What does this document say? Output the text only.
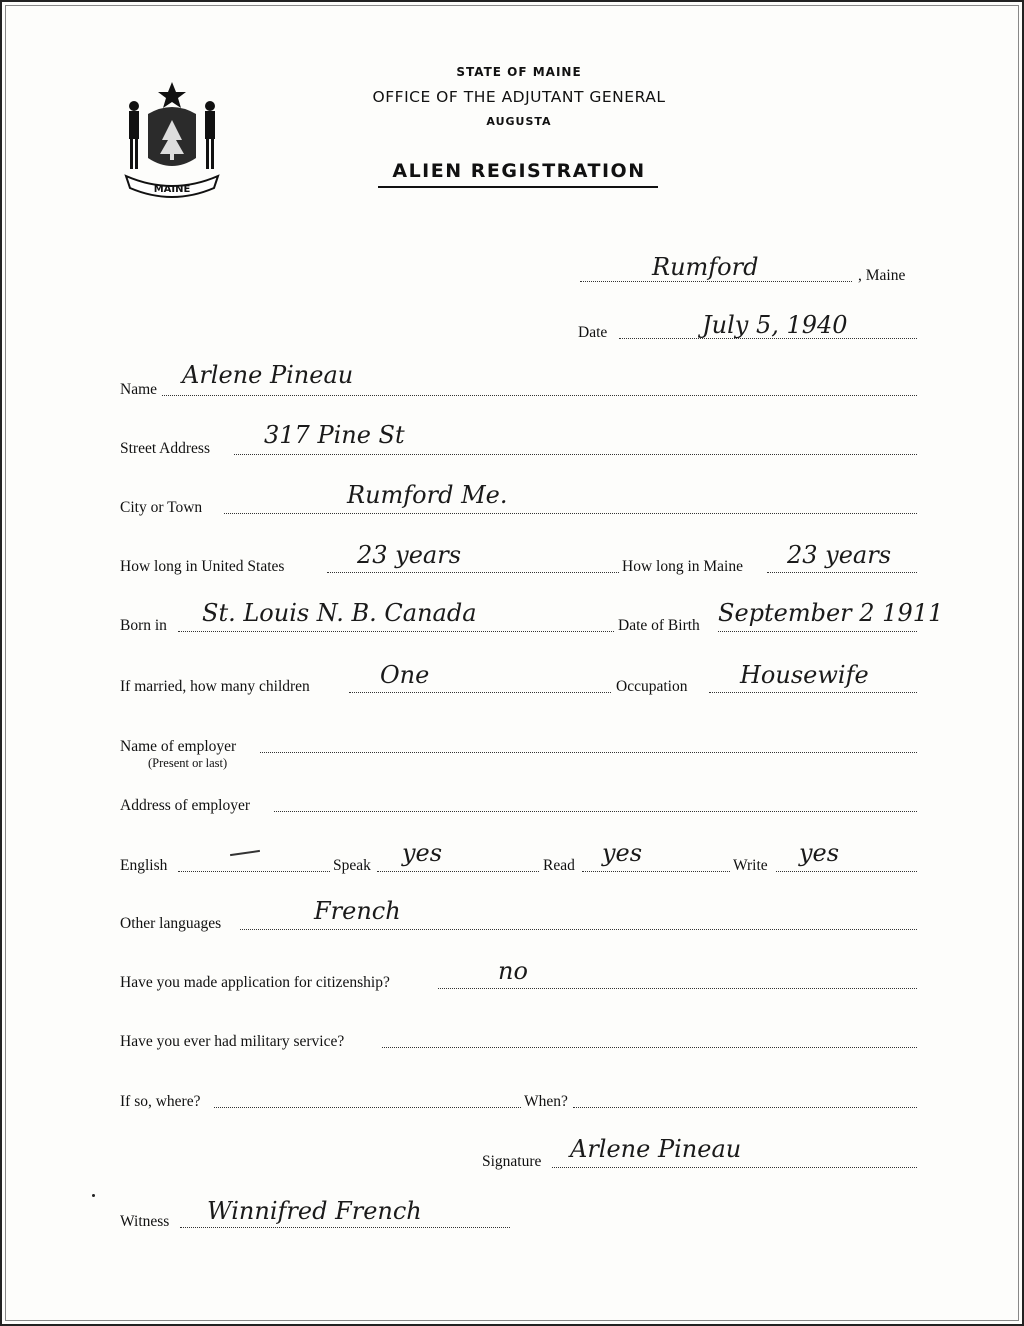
MAINE
STATE OF MAINE
OFFICE OF THE ADJUTANT GENERAL
AUGUSTA
ALIEN REGISTRATION
Rumford	, Maine
Date	July 5, 1940
Name
Arlene Pineau
Street Address 317 Pine St
City or Town	Rumford Me.
How long in United States	23 years	How long in Maine 23 years
Born in St. Louis N. B. Canada	Date of Birth September 2 1911
If married, how many children	One	Occupation Housewife
Name of employer
(Present or last)
Address of employer
English	Speak yes	Read yes	Write yes
Other languages	French
Have you made application for citizenship?	no
Have you ever had military service?
If so, where?	When?
Signature Arlene Pineau
Witness Winnifred French
